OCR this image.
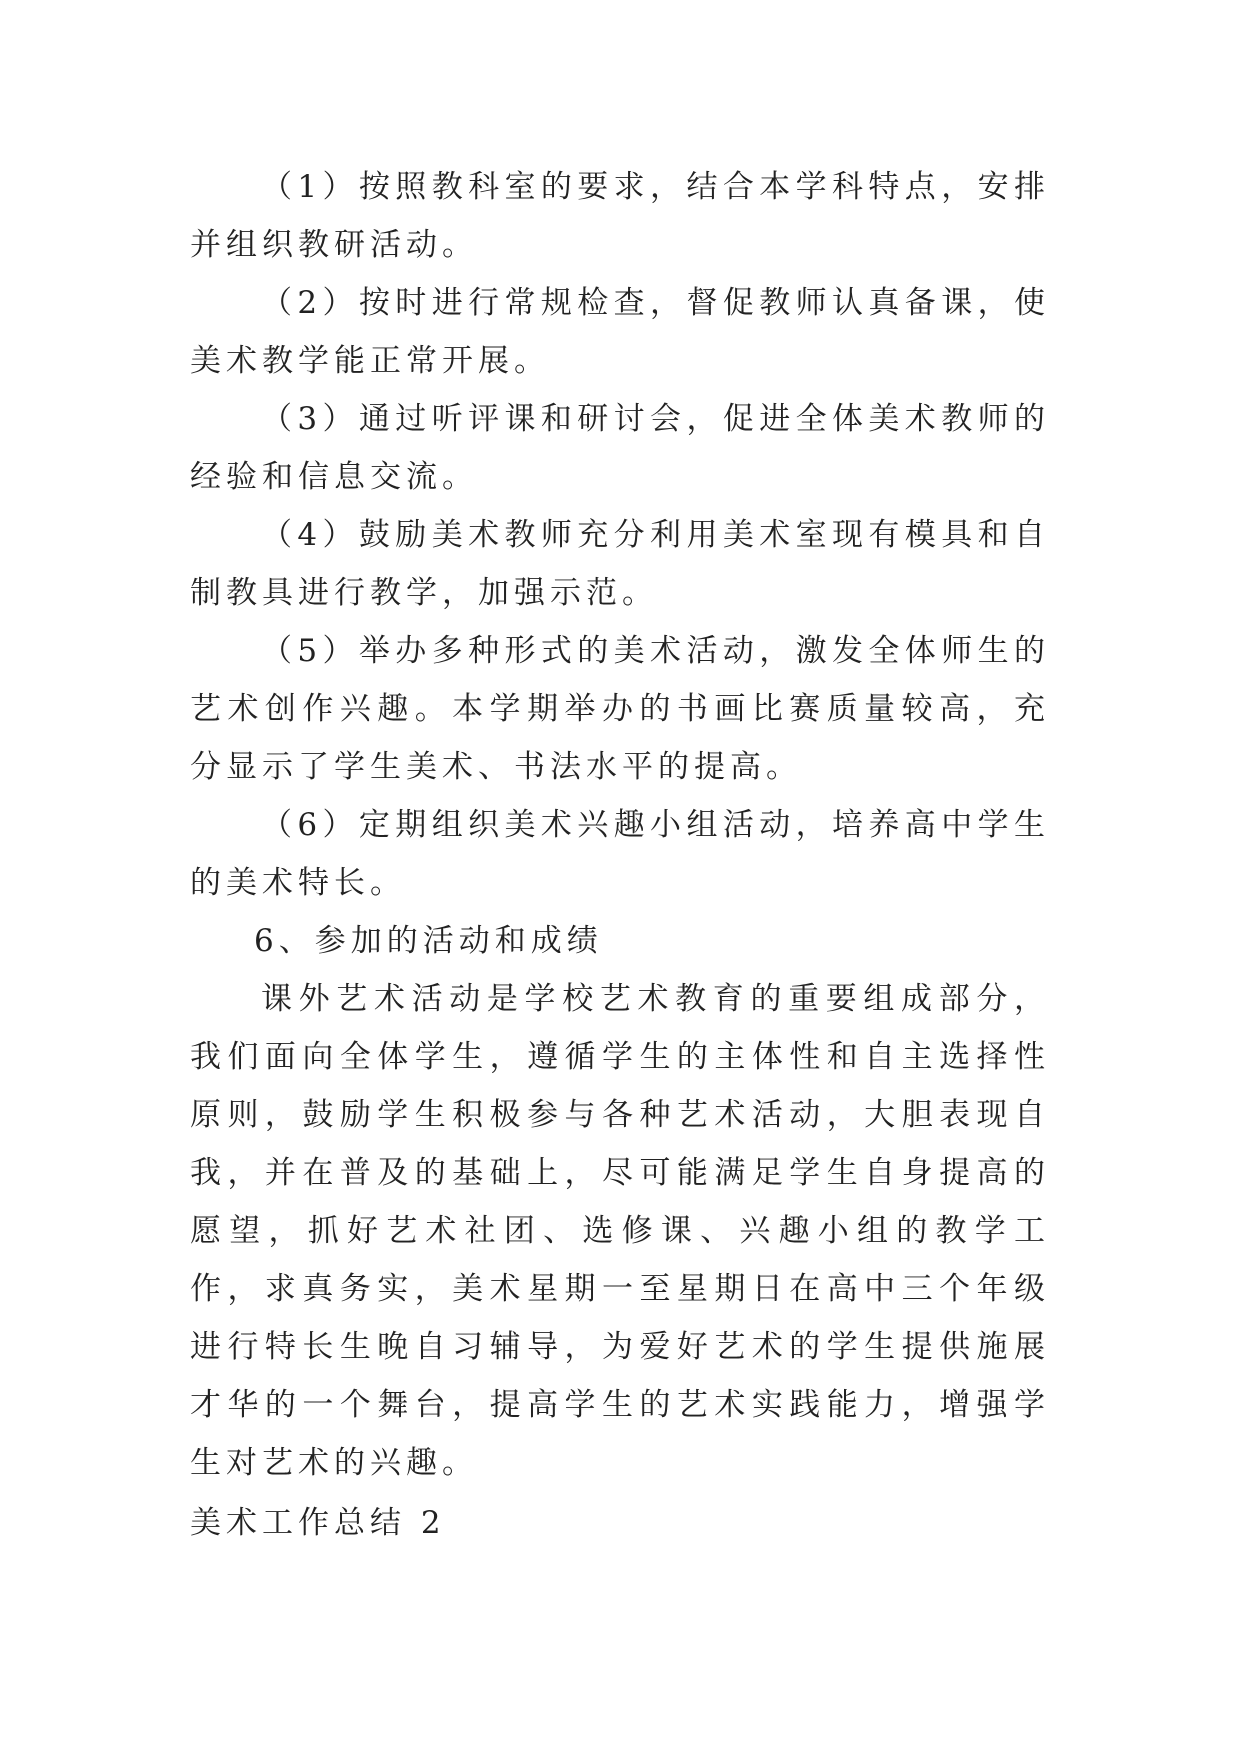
（1）按照教科室的要求，结合本学科特点，安排并组织教研活动。

（2）按时进行常规检查，督促教师认真备课，使美术教学能正常开展。

（3）通过听评课和研讨会，促进全体美术教师的经验和信息交流。

（4）鼓励美术教师充分利用美术室现有模具和自制教具进行教学，加强示范。

（5）举办多种形式的美术活动，激发全体师生的艺术创作兴趣。本学期举办的书画比赛质量较高，充分显示了学生美术、书法水平的提高。

（6）定期组织美术兴趣小组活动，培养高中学生的美术特长。

6、参加的活动和成绩

课外艺术活动是学校艺术教育的重要组成部分，我们面向全体学生，遵循学生的主体性和自主选择性原则，鼓励学生积极参与各种艺术活动，大胆表现自我，并在普及的基础上，尽可能满足学生自身提高的愿望，抓好艺术社团、选修课、兴趣小组的教学工作，求真务实，美术星期一至星期日在高中三个年级进行特长生晚自习辅导，为爱好艺术的学生提供施展才华的一个舞台，提高学生的艺术实践能力，增强学生对艺术的兴趣。

美术工作总结 2
